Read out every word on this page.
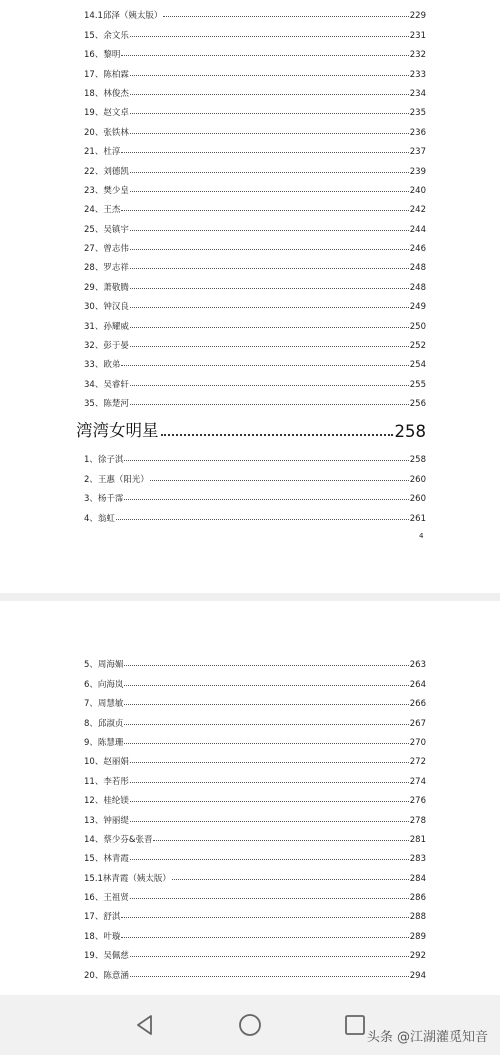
14.1邱泽（姨太版）	229
15、余文乐	231
16、黎明	232
17、陈柏霖	233
18、林俊杰	234
19、赵文卓	235
20、张铁林	236
21、杜淳	237
22、刘德凯	239
23、樊少皇	240
24、王杰	242
25、吴镇宇	244
27、曾志伟	246
28、罗志祥	248
29、萧敬腾	248
30、钟汉良	249
31、孙耀威	250
32、彭于晏	252
33、欧弟	254
34、吴睿轩	255
35、陈楚河	256
湾湾女明星	258
1、徐子淇	258
2、王惠（阳光）	260
3、杨千霈	260
4、翁虹	261
4
5、周海媚	263
6、向海岚	264
7、周慧敏	266
8、邱淑贞	267
9、陈慧珊	270
10、赵丽娟	272
11、李若彤	274
12、桂纶镁	276
13、钟丽缇	278
14、蔡少芬&张晋	281
15、林青霞	283
15.1林青霞（姨太版）	284
16、王祖贤	286
17、舒淇	288
18、叶璇	289
19、吴佩慈	292
20、陈意涵	294
头条 @江湖灌觅知音
